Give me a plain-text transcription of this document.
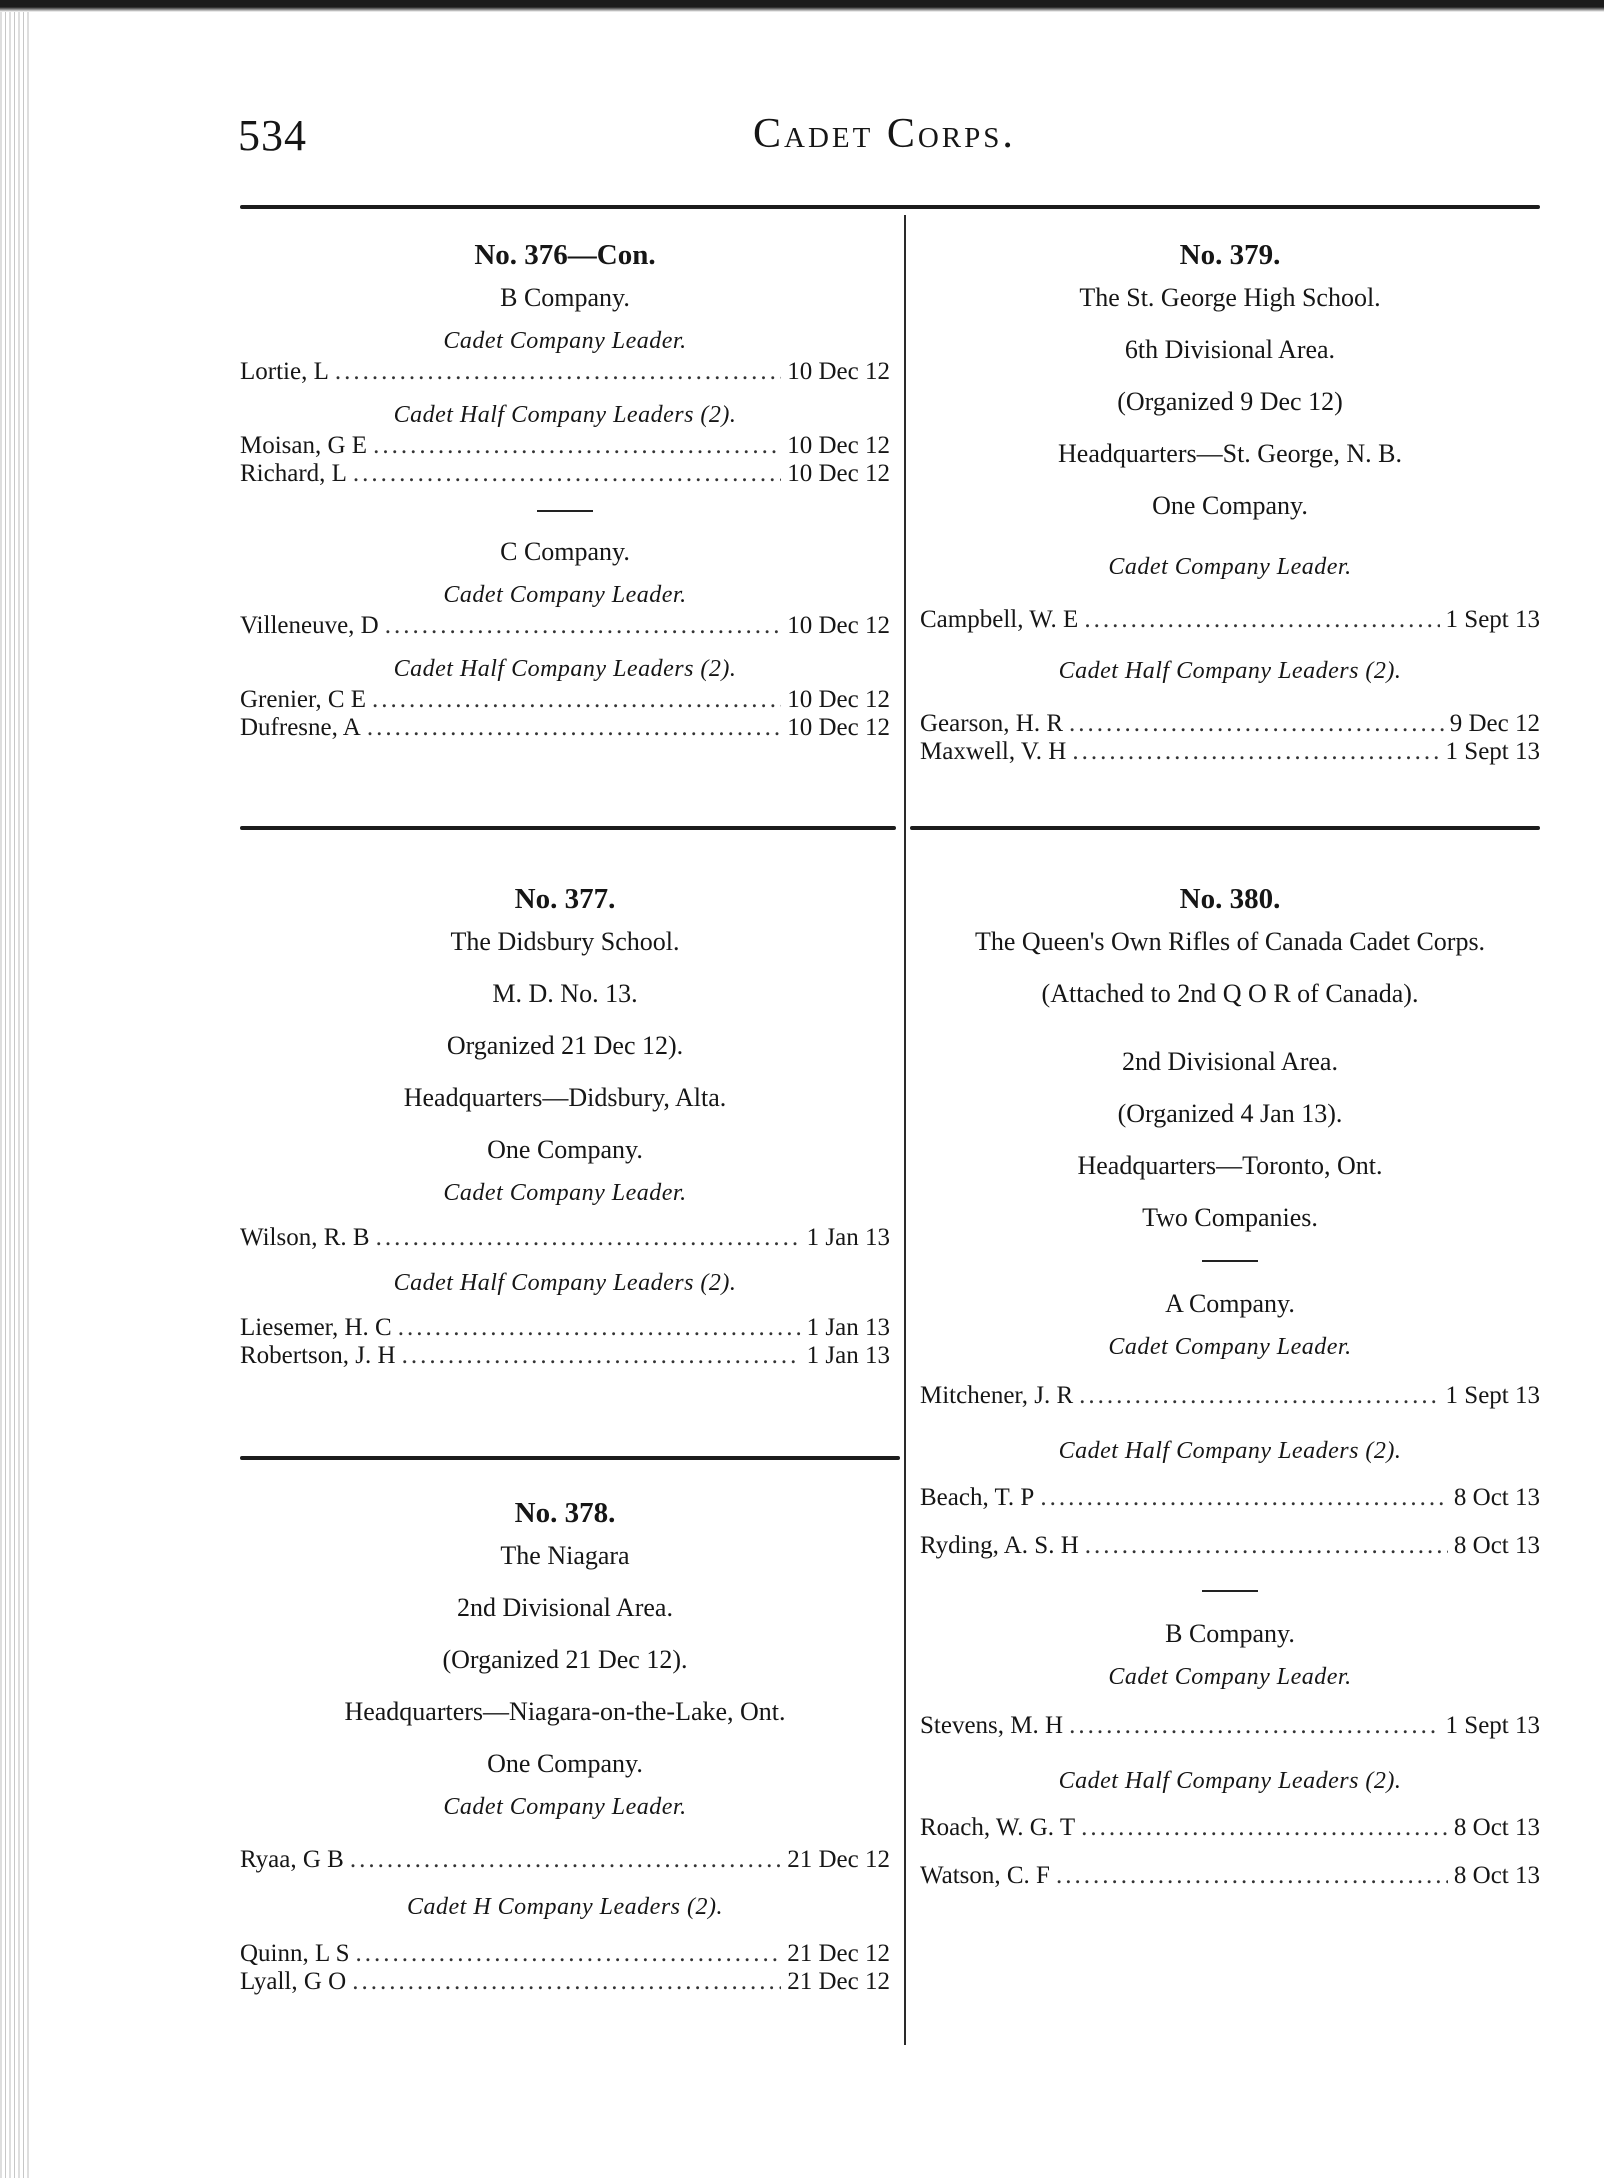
534	Cadet Corps.
No. 376—Con.
B Company.
Cadet Company Leader.
Lortie, L .....	10 Dec 12
Cadet Half Company Leaders (2).
Moisan, G E .....	10 Dec 12
Richard, L .....	10 Dec 12
C Company.
Cadet Company Leader.
Villeneuve, D .....	10 Dec 12
Cadet Half Company Leaders (2).
Grenier, C E .....	10 Dec 12
Dufresne, A .....	10 Dec 12
No. 377.
The Didsbury School.
M. D. No. 13.
Organized 21 Dec 12).
Headquarters—Didsbury, Alta.
One Company.
Cadet Company Leader.
Wilson, R. B .....	1 Jan 13
Cadet Half Company Leaders (2).
Liesemer, H. C .....	1 Jan 13
Robertson, J. H .....	1 Jan 13
No. 378.
The Niagara
2nd Divisional Area.
(Organized 21 Dec 12).
Headquarters—Niagara-on-the-Lake, Ont.
One Company.
Cadet Company Leader.
Ryaa, G B .....	21 Dec 12
Cadet H Company Leaders (2).
Quinn, L S .....	21 Dec 12
Lyall, G O .....	21 Dec 12
No. 379.
The St. George High School.
6th Divisional Area.
(Organized 9 Dec 12)
Headquarters—St. George, N. B.
One Company.
Cadet Company Leader.
Campbell, W. E .....	1 Sept 13
Cadet Half Company Leaders (2).
Gearson, H. R .....	9 Dec 12
Maxwell, V. H .....	1 Sept 13
No. 380.
The Queen's Own Rifles of Canada Cadet Corps.
(Attached to 2nd Q O R of Canada).
2nd Divisional Area.
(Organized 4 Jan 13).
Headquarters—Toronto, Ont.
Two Companies.
A Company.
Cadet Company Leader.
Mitchener, J. R .....	1 Sept 13
Cadet Half Company Leaders (2).
Beach, T. P .....	8 Oct 13
Ryding, A. S. H .....	8 Oct 13
B Company.
Cadet Company Leader.
Stevens, M. H .....	1 Sept 13
Cadet Half Company Leaders (2).
Roach, W. G. T .....	8 Oct 13
Watson, C. F .....	8 Oct 13
